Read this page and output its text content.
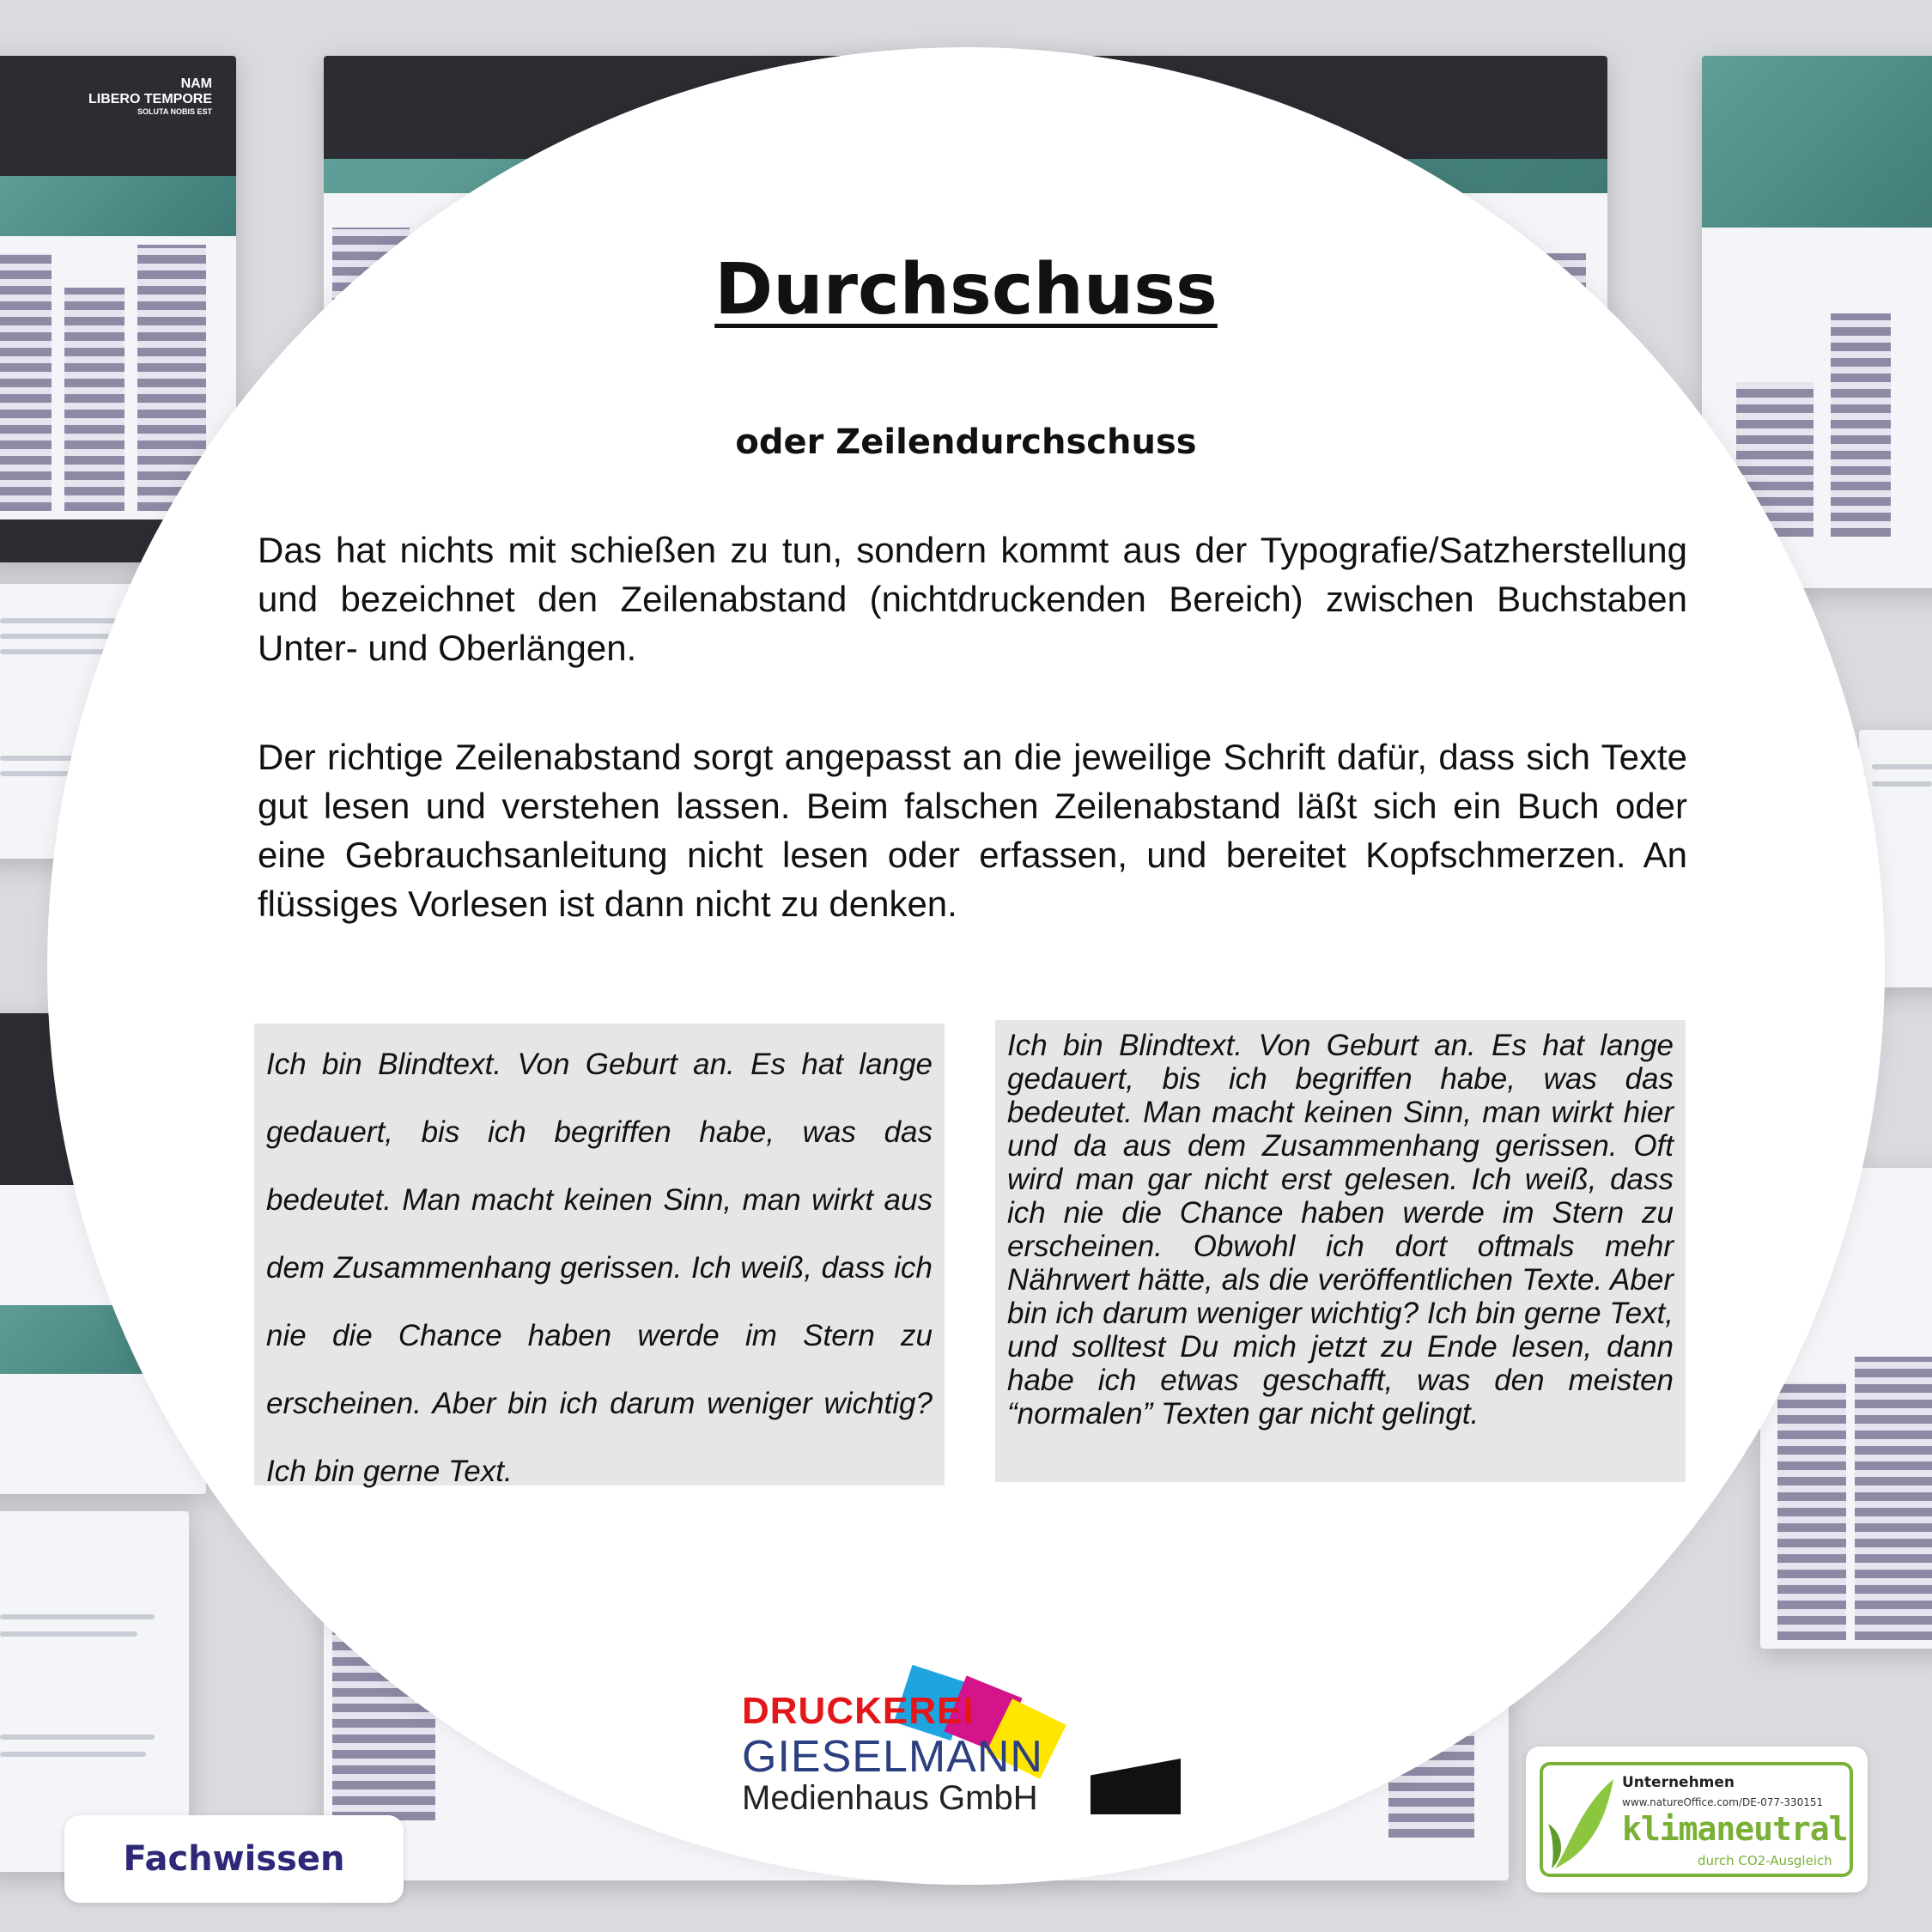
NAM
LIBERO TEMPORE
SOLUTA NOBIS EST
Durchschuss
oder Zeilendurchschuss

Das hat nichts mit schießen zu tun, sondern kommt aus der Typografie/Satzherstellung und bezeichnet den Zeilenabstand (nichtdruckenden Bereich) zwischen Buchstaben Unter- und Oberlängen.

Der richtige Zeilenabstand sorgt angepasst an die jeweilige Schrift dafür, dass sich Texte gut lesen und verstehen lassen. Beim falschen Zeilenabstand läßt sich ein Buch oder eine Gebrauchsanleitung nicht lesen oder erfassen, und bereitet Kopfschmerzen. An flüssiges Vorlesen ist dann nicht zu denken.

Ich bin Blindtext. Von Geburt an. Es hat lange gedauert, bis ich begriffen habe, was das bedeutet. Man macht keinen Sinn, man wirkt aus dem Zusammenhang gerissen. Ich weiß, dass ich nie die Chance haben werde im Stern zu erscheinen. Aber bin ich darum weniger wichtig? Ich bin gerne Text.
Ich bin Blindtext. Von Geburt an. Es hat lange gedauert, bis ich begriffen habe, was das bedeutet. Man macht keinen Sinn, man wirkt hier und da aus dem Zusammenhang gerissen. Oft wird man gar nicht erst gelesen. Ich weiß, dass ich nie die Chance haben werde im Stern zu erscheinen. Obwohl ich dort oftmals mehr Nährwert hätte, als die veröffentlichen Texte. Aber bin ich darum weniger wichtig? Ich bin gerne Text, und solltest Du mich jetzt zu Ende lesen, dann habe ich etwas geschafft, was den meisten “normalen” Texten gar nicht gelingt.
DRUCKEREI
GIESELMANN
Medienhaus GmbH
Fachwissen
Unternehmen
www.natureOffice.com/DE-077-330151
klimaneutral
durch CO2-Ausgleich
